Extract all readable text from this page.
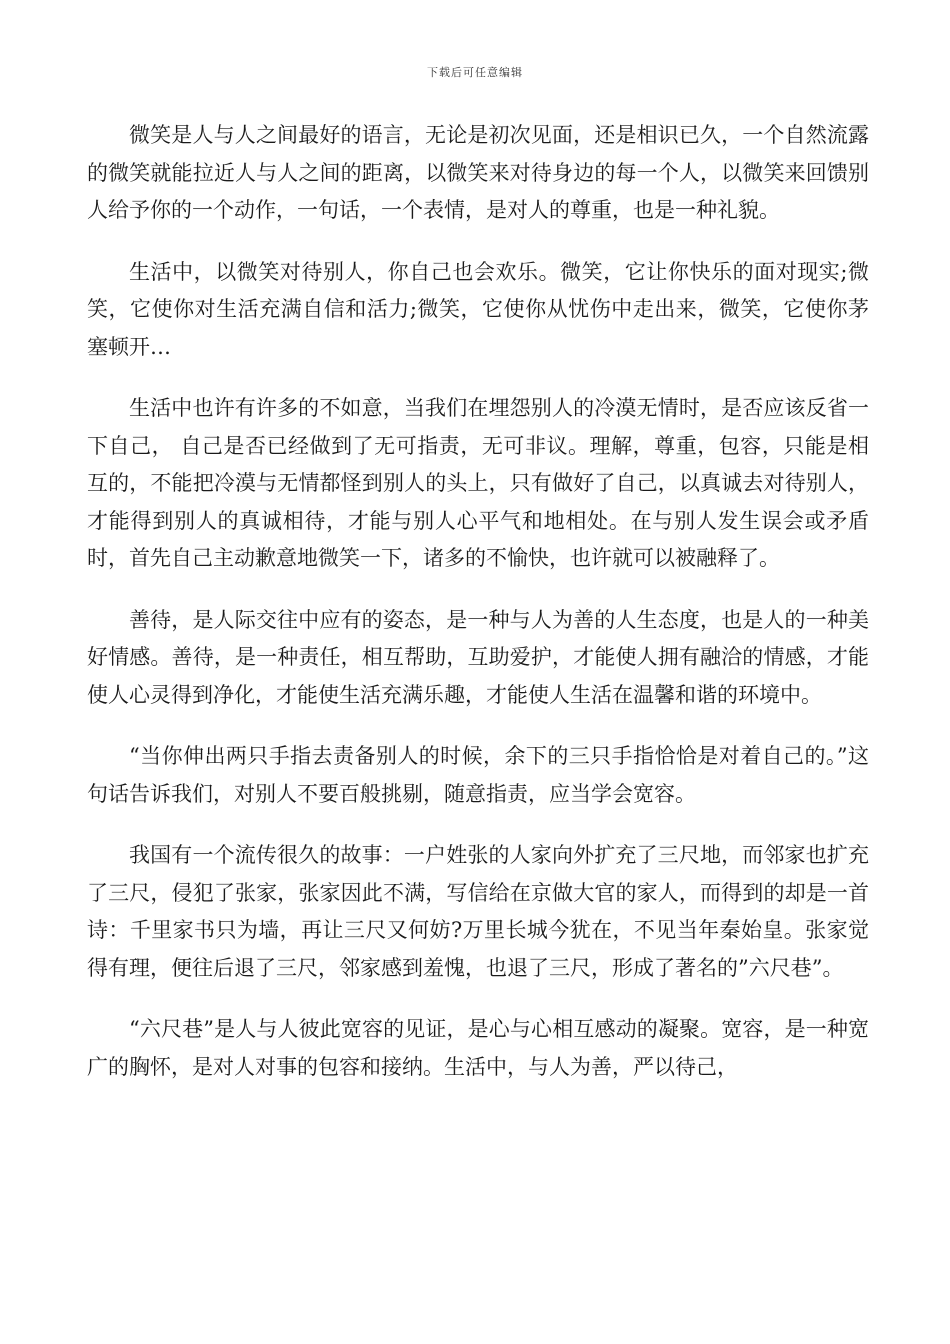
下载后可任意编辑

微笑是人与人之间最好的语言，无论是初次见面，还是相识已久，一个自然流露的微笑就能拉近人与人之间的距离，以微笑来对待身边的每一个人，以微笑来回馈别人给予你的一个动作，一句话，一个表情，是对人的尊重，也是一种礼貌。

生活中，以微笑对待别人，你自己也会欢乐。微笑，它让你快乐的面对现实;微笑，它使你对生活充满自信和活力;微笑，它使你从忧伤中走出来，微笑，它使你茅塞顿开…

生活中也许有许多的不如意，当我们在埋怨别人的冷漠无情时，是否应该反省一下自己， 自己是否已经做到了无可指责，无可非议。理解，尊重，包容，只能是相互的，不能把冷漠与无情都怪到别人的头上，只有做好了自己，以真诚去对待别人，才能得到别人的真诚相待，才能与别人心平气和地相处。在与别人发生误会或矛盾时，首先自己主动歉意地微笑一下，诸多的不愉快，也许就可以被融释了。

善待，是人际交往中应有的姿态，是一种与人为善的人生态度，也是人的一种美好情感。善待，是一种责任，相互帮助，互助爱护，才能使人拥有融洽的情感，才能使人心灵得到净化，才能使生活充满乐趣，才能使人生活在温馨和谐的环境中。

“当你伸出两只手指去责备别人的时候，余下的三只手指恰恰是对着自己的。”这句话告诉我们，对别人不要百般挑剔，随意指责，应当学会宽容。

我国有一个流传很久的故事：一户姓张的人家向外扩充了三尺地，而邻家也扩充了三尺，侵犯了张家，张家因此不满，写信给在京做大官的家人，而得到的却是一首诗：千里家书只为墙，再让三尺又何妨?万里长城今犹在，不见当年秦始皇。张家觉得有理，便往后退了三尺，邻家感到羞愧，也退了三尺，形成了著名的”六尺巷”。

“六尺巷”是人与人彼此宽容的见证，是心与心相互感动的凝聚。宽容，是一种宽广的胸怀，是对人对事的包容和接纳。生活中，与人为善，严以待己，
